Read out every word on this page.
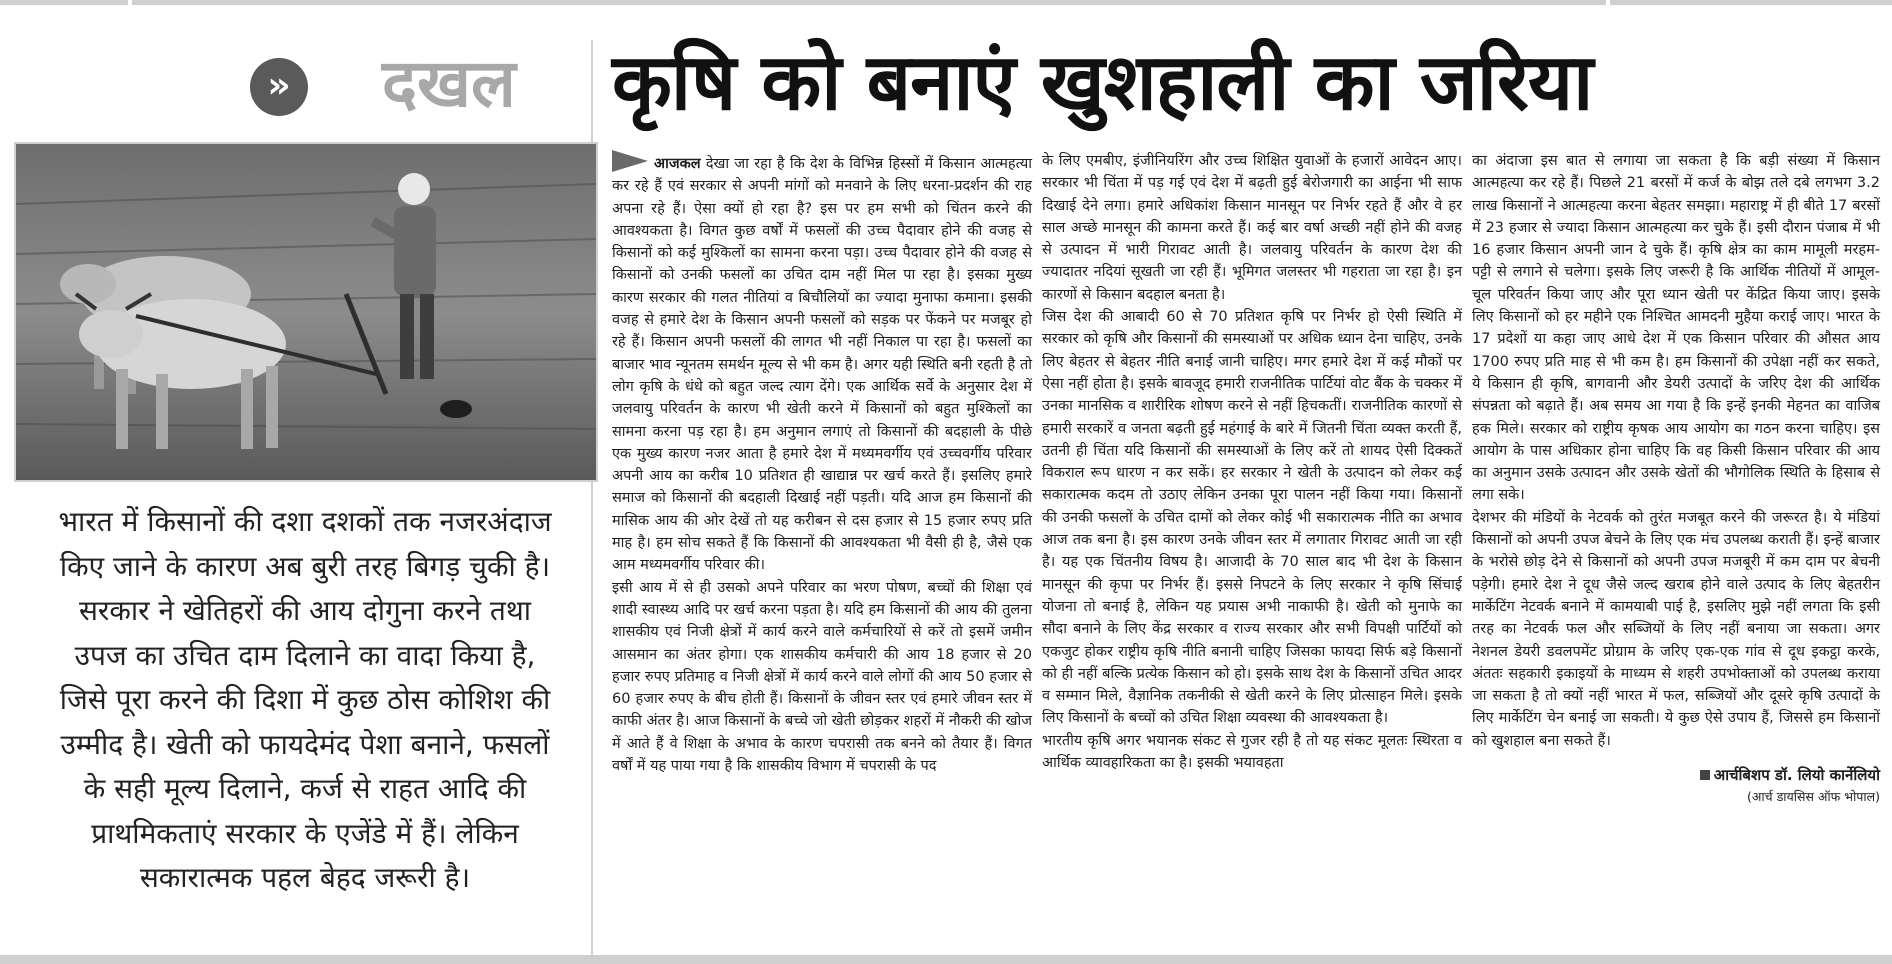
» दखल	कृषि को बनाएं खुशहाली का जरिया
भारत में किसानों की दशा दशकों तक नजरअंदाज किए जाने के कारण अब बुरी तरह बिगड़ चुकी है। सरकार ने खेतिहरों की आय दोगुना करने तथा उपज का उचित दाम दिलाने का वादा किया है, जिसे पूरा करने की दिशा में कुछ ठोस कोशिश की उम्मीद है। खेती को फायदेमंद पेशा बनाने, फसलों के सही मूल्य दिलाने, कर्ज से राहत आदि की प्राथमिकताएं सरकार के एजेंडे में हैं। लेकिन सकारात्मक पहल बेहद जरूरी है।

आजकल देखा जा रहा है कि देश के विभिन्न हिस्सों में किसान आत्महत्या कर रहे हैं एवं सरकार से अपनी मांगों को मनवाने के लिए धरना-प्रदर्शन की राह अपना रहे हैं। ऐसा क्यों हो रहा है? इस पर हम सभी को चिंतन करने की आवश्यकता है। विगत कुछ वर्षों में फसलों की उच्च पैदावार होने की वजह से किसानों को कई मुश्किलों का सामना करना पड़ा। उच्च पैदावार होने की वजह से किसानों को उनकी फसलों का उचित दाम नहीं मिल पा रहा है। इसका मुख्य कारण सरकार की गलत नीतियां व बिचौलियों का ज्यादा मुनाफा कमाना। इसकी वजह से हमारे देश के किसान अपनी फसलों को सड़क पर फेंकने पर मजबूर हो रहे हैं। किसान अपनी फसलों की लागत भी नहीं निकाल पा रहा है। फसलों का बाजार भाव न्यूनतम समर्थन मूल्य से भी कम है। अगर यही स्थिति बनी रहती है तो लोग कृषि के धंधे को बहुत जल्द त्याग देंगे। एक आर्थिक सर्वे के अनुसार देश में जलवायु परिवर्तन के कारण भी खेती करने में किसानों को बहुत मुश्किलों का सामना करना पड़ रहा है। हम अनुमान लगाएं तो किसानों की बदहाली के पीछे एक मुख्य कारण नजर आता है हमारे देश में मध्यमवर्गीय एवं उच्चवर्गीय परिवार अपनी आय का करीब 10 प्रतिशत ही खाद्यान्न पर खर्च करते हैं। इसलिए हमारे समाज को किसानों की बदहाली दिखाई नहीं पड़ती। यदि आज हम किसानों की मासिक आय की ओर देखें तो यह करीबन से दस हजार से 15 हजार रुपए प्रति माह है। हम सोच सकते हैं कि किसानों की आवश्यकता भी वैसी ही है, जैसे एक आम मध्यमवर्गीय परिवार की।

इसी आय में से ही उसको अपने परिवार का भरण पोषण, बच्चों की शिक्षा एवं शादी स्वास्थ्य आदि पर खर्च करना पड़ता है। यदि हम किसानों की आय की तुलना शासकीय एवं निजी क्षेत्रों में कार्य करने वाले कर्मचारियों से करें तो इसमें जमीन आसमान का अंतर होगा। एक शासकीय कर्मचारी की आय 18 हजार से 20 हजार रुपए प्रतिमाह व निजी क्षेत्रों में कार्य करने वाले लोगों की आय 50 हजार से 60 हजार रुपए के बीच होती हैं। किसानों के जीवन स्तर एवं हमारे जीवन स्तर में काफी अंतर है। आज किसानों के बच्चे जो खेती छोड़कर शहरों में नौकरी की खोज में आते हैं वे शिक्षा के अभाव के कारण चपरासी तक बनने को तैयार हैं। विगत वर्षों में यह पाया गया है कि शासकीय विभाग में चपरासी के पद

के लिए एमबीए, इंजीनियरिंग और उच्च शिक्षित युवाओं के हजारों आवेदन आए। सरकार भी चिंता में पड़ गई एवं देश में बढ़ती हुई बेरोजगारी का आईना भी साफ दिखाई देने लगा। हमारे अधिकांश किसान मानसून पर निर्भर रहते हैं और वे हर साल अच्छे मानसून की कामना करते हैं। कई बार वर्षा अच्छी नहीं होने की वजह से उत्पादन में भारी गिरावट आती है। जलवायु परिवर्तन के कारण देश की ज्यादातर नदियां सूखती जा रही हैं। भूमिगत जलस्तर भी गहराता जा रहा है। इन कारणों से किसान बदहाल बनता है।

जिस देश की आबादी 60 से 70 प्रतिशत कृषि पर निर्भर हो ऐसी स्थिति में सरकार को कृषि और किसानों की समस्याओं पर अधिक ध्यान देना चाहिए, उनके लिए बेहतर से बेहतर नीति बनाई जानी चाहिए। मगर हमारे देश में कई मौकों पर ऐसा नहीं होता है। इसके बावजूद हमारी राजनीतिक पार्टियां वोट बैंक के चक्कर में उनका मानसिक व शारीरिक शोषण करने से नहीं हिचकतीं। राजनीतिक कारणों से हमारी सरकारें व जनता बढ़ती हुई महंगाई के बारे में जितनी चिंता व्यक्त करती हैं, उतनी ही चिंता यदि किसानों की समस्याओं के लिए करें तो शायद ऐसी दिक्कतें विकराल रूप धारण न कर सकें। हर सरकार ने खेती के उत्पादन को लेकर कई सकारात्मक कदम तो उठाए लेकिन उनका पूरा पालन नहीं किया गया। किसानों की उनकी फसलों के उचित दामों को लेकर कोई भी सकारात्मक नीति का अभाव आज तक बना है। इस कारण उनके जीवन स्तर में लगातार गिरावट आती जा रही है। यह एक चिंतनीय विषय है। आजादी के 70 साल बाद भी देश के किसान मानसून की कृपा पर निर्भर हैं। इससे निपटने के लिए सरकार ने कृषि सिंचाई योजना तो बनाई है, लेकिन यह प्रयास अभी नाकाफी है। खेती को मुनाफे का सौदा बनाने के लिए केंद्र सरकार व राज्य सरकार और सभी विपक्षी पार्टियों को एकजुट होकर राष्ट्रीय कृषि नीति बनानी चाहिए जिसका फायदा सिर्फ बड़े किसानों को ही नहीं बल्कि प्रत्येक किसान को हो। इसके साथ देश के किसानों उचित आदर व सम्मान मिले, वैज्ञानिक तकनीकी से खेती करने के लिए प्रोत्साहन मिले। इसके लिए किसानों के बच्चों को उचित शिक्षा व्यवस्था की आवश्यकता है।

भारतीय कृषि अगर भयानक संकट से गुजर रही है तो यह संकट मूलतः स्थिरता व आर्थिक व्यावहारिकता का है। इसकी भयावहता

का अंदाजा इस बात से लगाया जा सकता है कि बड़ी संख्या में किसान आत्महत्या कर रहे हैं। पिछले 21 बरसों में कर्ज के बोझ तले दबे लगभग 3.2 लाख किसानों ने आत्महत्या करना बेहतर समझा। महाराष्ट्र में ही बीते 17 बरसों में 23 हजार से ज्यादा किसान आत्महत्या कर चुके हैं। इसी दौरान पंजाब में भी 16 हजार किसान अपनी जान दे चुके हैं। कृषि क्षेत्र का काम मामूली मरहम-पट्टी से लगाने से चलेगा। इसके लिए जरूरी है कि आर्थिक नीतियों में आमूल-चूल परिवर्तन किया जाए और पूरा ध्यान खेती पर केंद्रित किया जाए। इसके लिए किसानों को हर महीने एक निश्चित आमदनी मुहैया कराई जाए। भारत के 17 प्रदेशों या कहा जाए आधे देश में एक किसान परिवार की औसत आय 1700 रुपए प्रति माह से भी कम है। हम किसानों की उपेक्षा नहीं कर सकते, ये किसान ही कृषि, बागवानी और डेयरी उत्पादों के जरिए देश की आर्थिक संपन्नता को बढ़ाते हैं। अब समय आ गया है कि इन्हें इनकी मेहनत का वाजिब हक मिले। सरकार को राष्ट्रीय कृषक आय आयोग का गठन करना चाहिए। इस आयोग के पास अधिकार होना चाहिए कि वह किसी किसान परिवार की आय का अनुमान उसके उत्पादन और उसके खेतों की भौगोलिक स्थिति के हिसाब से लगा सके।

देशभर की मंडियों के नेटवर्क को तुरंत मजबूत करने की जरूरत है। ये मंडियां किसानों को अपनी उपज बेचने के लिए एक मंच उपलब्ध कराती हैं। इन्हें बाजार के भरोसे छोड़ देने से किसानों को अपनी उपज मजबूरी में कम दाम पर बेचनी पड़ेगी। हमारे देश ने दूध जैसे जल्द खराब होने वाले उत्पाद के लिए बेहतरीन मार्केटिंग नेटवर्क बनाने में कामयाबी पाई है, इसलिए मुझे नहीं लगता कि इसी तरह का नेटवर्क फल और सब्जियों के लिए नहीं बनाया जा सकता। अगर नेशनल डेयरी डवलपमेंट प्रोग्राम के जरिए एक-एक गांव से दूध इकट्ठा करके, अंततः सहकारी इकाइयों के माध्यम से शहरी उपभोक्ताओं को उपलब्ध कराया जा सकता है तो क्यों नहीं भारत में फल, सब्जियों और दूसरे कृषि उत्पादों के लिए मार्केटिंग चेन बनाई जा सकती। ये कुछ ऐसे उपाय हैं, जिससे हम किसानों को खुशहाल बना सकते हैं।

आर्चबिशप डॉ. लियो कार्नेलियो
(आर्च डायसिस ऑफ भोपाल)
